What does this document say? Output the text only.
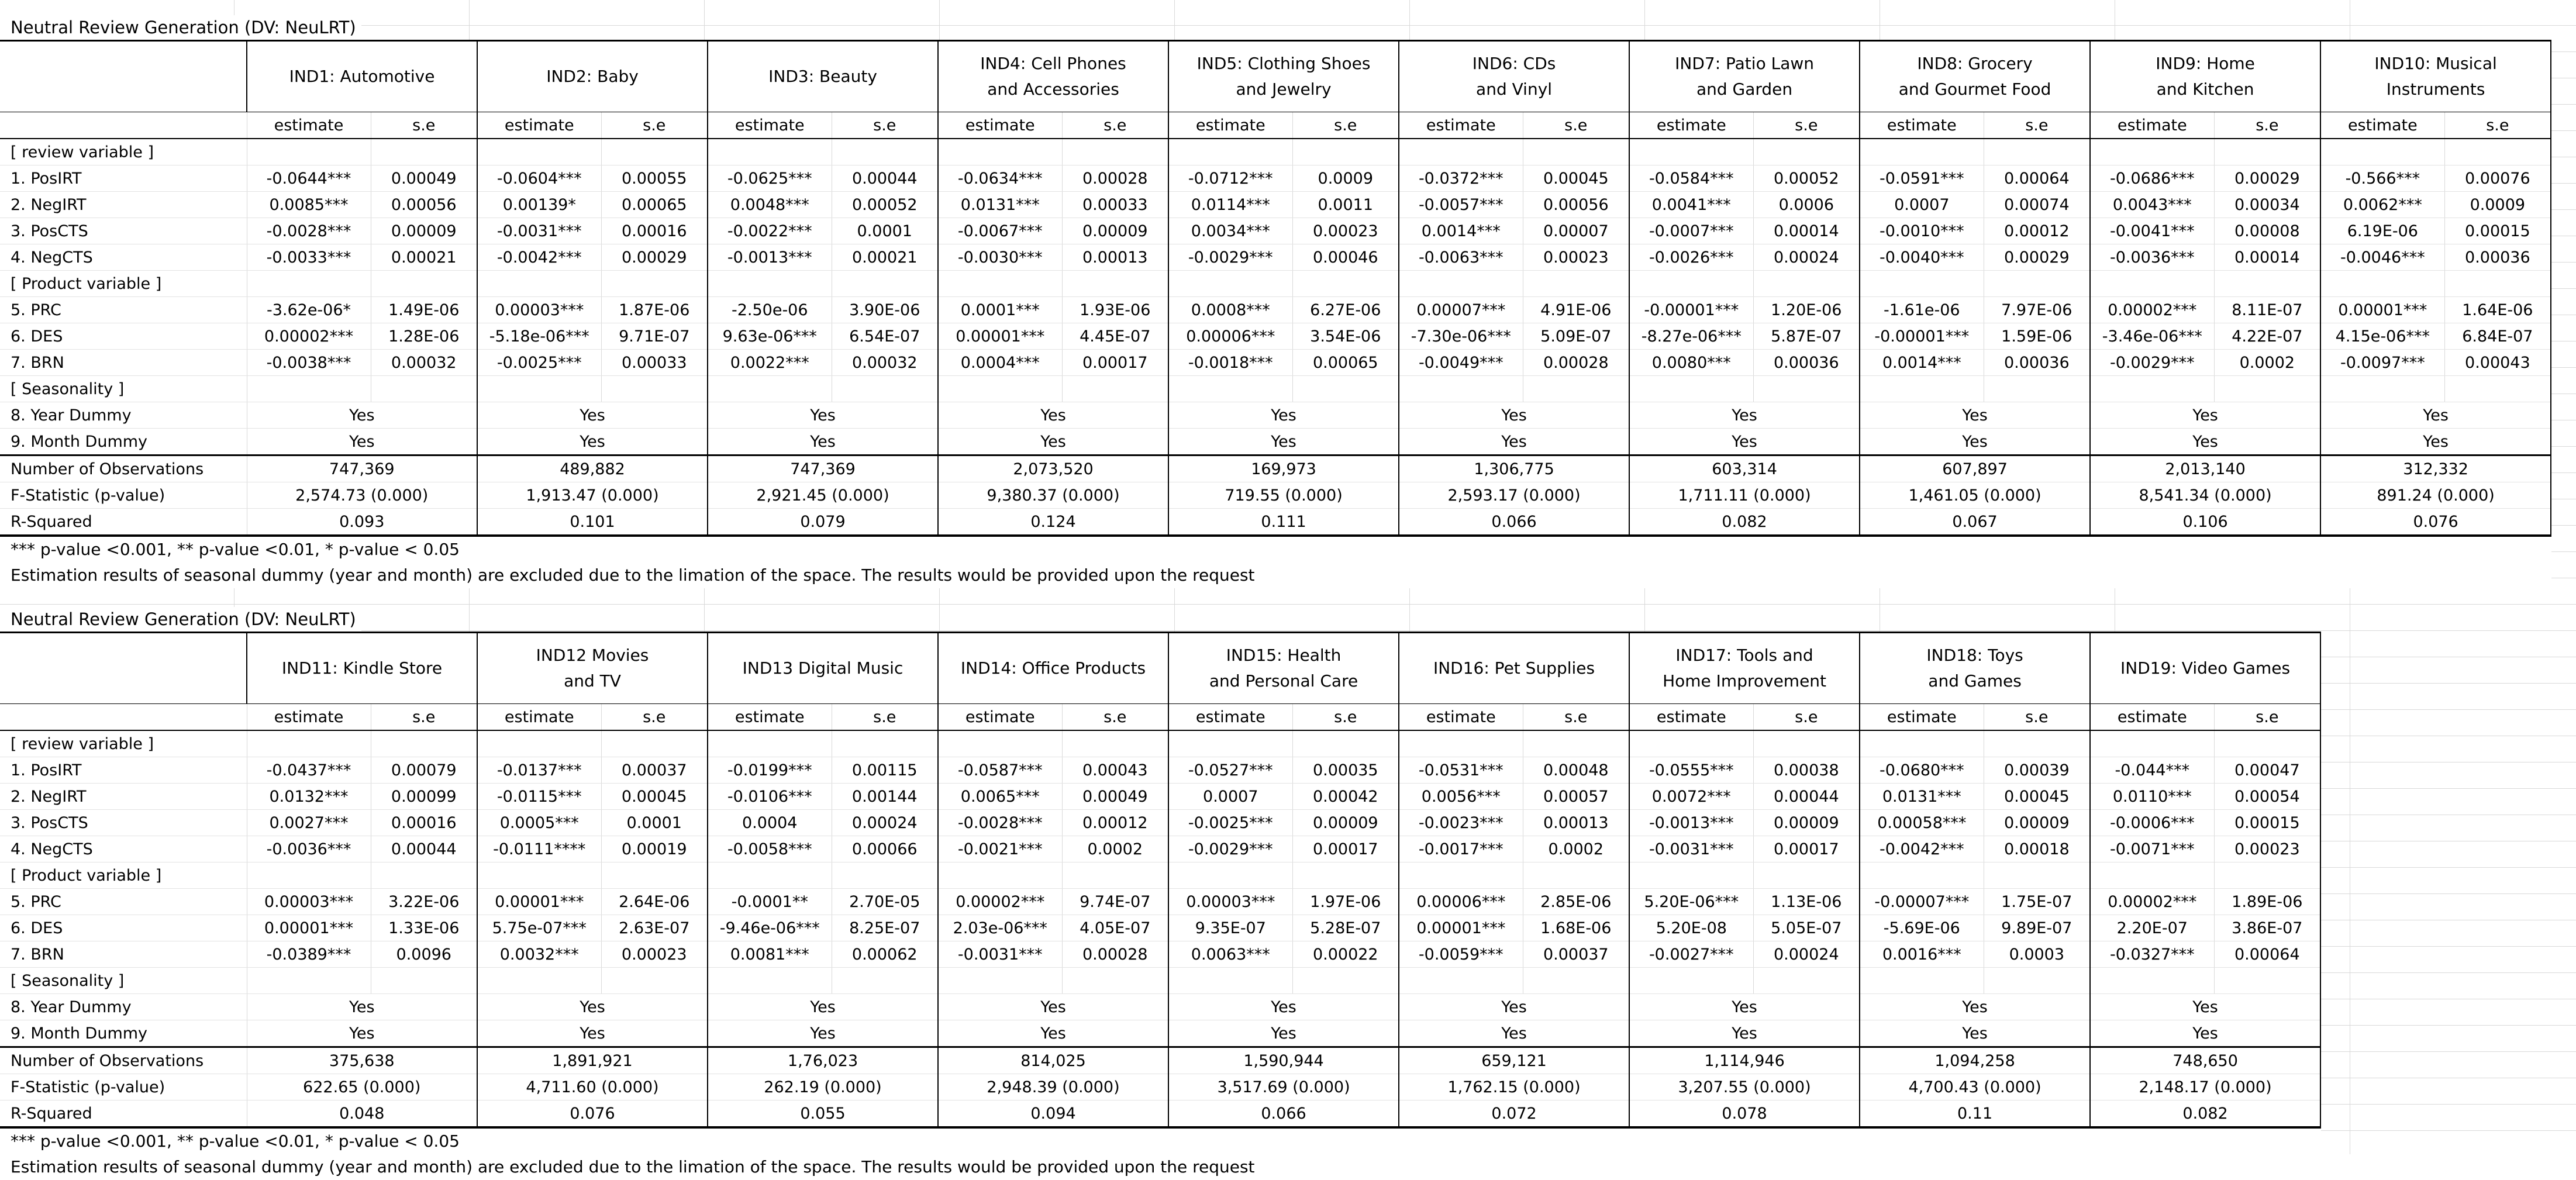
Neutral Review Generation (DV: NeuLRT)
	IND1: Automotive		IND2: Baby		IND3: Beauty		IND4: Cell Phones
and Accessories		IND5: Clothing Shoes
and Jewelry		IND6: CDs
and Vinyl		IND7: Patio Lawn
and Garden		IND8: Grocery
and Gourmet Food		IND9: Home
and Kitchen		IND10: Musical
Instruments	
	estimate	s.e	estimate	s.e	estimate	s.e	estimate	s.e	estimate	s.e	estimate	s.e	estimate	s.e	estimate	s.e	estimate	s.e	estimate	s.e
[ review variable ]																				
1. PosIRT	-0.0644***	0.00049	-0.0604***	0.00055	-0.0625***	0.00044	-0.0634***	0.00028	-0.0712***	0.0009	-0.0372***	0.00045	-0.0584***	0.00052	-0.0591***	0.00064	-0.0686***	0.00029	-0.566***	0.00076
2. NegIRT	0.0085***	0.00056	0.00139*	0.00065	0.0048***	0.00052	0.0131***	0.00033	0.0114***	0.0011	-0.0057***	0.00056	0.0041***	0.0006	0.0007	0.00074	0.0043***	0.00034	0.0062***	0.0009
3. PosCTS	-0.0028***	0.00009	-0.0031***	0.00016	-0.0022***	0.0001	-0.0067***	0.00009	0.0034***	0.00023	0.0014***	0.00007	-0.0007***	0.00014	-0.0010***	0.00012	-0.0041***	0.00008	6.19E-06	0.00015
4. NegCTS	-0.0033***	0.00021	-0.0042***	0.00029	-0.0013***	0.00021	-0.0030***	0.00013	-0.0029***	0.00046	-0.0063***	0.00023	-0.0026***	0.00024	-0.0040***	0.00029	-0.0036***	0.00014	-0.0046***	0.00036
[ Product variable ]																				
5. PRC	-3.62e-06*	1.49E-06	0.00003***	1.87E-06	-2.50e-06	3.90E-06	0.0001***	1.93E-06	0.0008***	6.27E-06	0.00007***	4.91E-06	-0.00001***	1.20E-06	-1.61e-06	7.97E-06	0.00002***	8.11E-07	0.00001***	1.64E-06
6. DES	0.00002***	1.28E-06	-5.18e-06***	9.71E-07	9.63e-06***	6.54E-07	0.00001***	4.45E-07	0.00006***	3.54E-06	-7.30e-06***	5.09E-07	-8.27e-06***	5.87E-07	-0.00001***	1.59E-06	-3.46e-06***	4.22E-07	4.15e-06***	6.84E-07
7. BRN	-0.0038***	0.00032	-0.0025***	0.00033	0.0022***	0.00032	0.0004***	0.00017	-0.0018***	0.00065	-0.0049***	0.00028	0.0080***	0.00036	0.0014***	0.00036	-0.0029***	0.0002	-0.0097***	0.00043
[ Seasonality ]																				
8. Year Dummy	Yes		Yes		Yes		Yes		Yes		Yes		Yes		Yes		Yes		Yes	
9. Month Dummy	Yes		Yes		Yes		Yes		Yes		Yes		Yes		Yes		Yes		Yes	
Number of Observations	747,369		489,882		747,369		2,073,520		169,973		1,306,775		603,314		607,897		2,013,140		312,332	
F-Statistic (p-value)	2,574.73 (0.000)		1,913.47 (0.000)		2,921.45 (0.000)		9,380.37 (0.000)		719.55 (0.000)		2,593.17 (0.000)		1,711.11 (0.000)		1,461.05 (0.000)		8,541.34 (0.000)		891.24 (0.000)	
R-Squared	0.093		0.101		0.079		0.124		0.111		0.066		0.082		0.067		0.106		0.076	
*** p-value <0.001, ** p-value <0.01, * p-value < 0.05
Estimation results of seasonal dummy (year and month) are excluded due to the limation of the space. The results would be provided upon the request
Neutral Review Generation (DV: NeuLRT)
	IND11: Kindle Store		IND12 Movies
and TV		IND13 Digital Music		IND14: Office Products		IND15: Health
and Personal Care		IND16: Pet Supplies		IND17: Tools and
Home Improvement		IND18: Toys
and Games		IND19: Video Games	
	estimate	s.e	estimate	s.e	estimate	s.e	estimate	s.e	estimate	s.e	estimate	s.e	estimate	s.e	estimate	s.e	estimate	s.e
[ review variable ]																		
1. PosIRT	-0.0437***	0.00079	-0.0137***	0.00037	-0.0199***	0.00115	-0.0587***	0.00043	-0.0527***	0.00035	-0.0531***	0.00048	-0.0555***	0.00038	-0.0680***	0.00039	-0.044***	0.00047
2. NegIRT	0.0132***	0.00099	-0.0115***	0.00045	-0.0106***	0.00144	0.0065***	0.00049	0.0007	0.00042	0.0056***	0.00057	0.0072***	0.00044	0.0131***	0.00045	0.0110***	0.00054
3. PosCTS	0.0027***	0.00016	0.0005***	0.0001	0.0004	0.00024	-0.0028***	0.00012	-0.0025***	0.00009	-0.0023***	0.00013	-0.0013***	0.00009	0.00058***	0.00009	-0.0006***	0.00015
4. NegCTS	-0.0036***	0.00044	-0.0111****	0.00019	-0.0058***	0.00066	-0.0021***	0.0002	-0.0029***	0.00017	-0.0017***	0.0002	-0.0031***	0.00017	-0.0042***	0.00018	-0.0071***	0.00023
[ Product variable ]																		
5. PRC	0.00003***	3.22E-06	0.00001***	2.64E-06	-0.0001**	2.70E-05	0.00002***	9.74E-07	0.00003***	1.97E-06	0.00006***	2.85E-06	5.20E-06***	1.13E-06	-0.00007***	1.75E-07	0.00002***	1.89E-06
6. DES	0.00001***	1.33E-06	5.75e-07***	2.63E-07	-9.46e-06***	8.25E-07	2.03e-06***	4.05E-07	9.35E-07	5.28E-07	0.00001***	1.68E-06	5.20E-08	5.05E-07	-5.69E-06	9.89E-07	2.20E-07	3.86E-07
7. BRN	-0.0389***	0.0096	0.0032***	0.00023	0.0081***	0.00062	-0.0031***	0.00028	0.0063***	0.00022	-0.0059***	0.00037	-0.0027***	0.00024	0.0016***	0.0003	-0.0327***	0.00064
[ Seasonality ]																		
8. Year Dummy	Yes		Yes		Yes		Yes		Yes		Yes		Yes		Yes		Yes	
9. Month Dummy	Yes		Yes		Yes		Yes		Yes		Yes		Yes		Yes		Yes	
Number of Observations	375,638		1,891,921		1,76,023		814,025		1,590,944		659,121		1,114,946		1,094,258		748,650	
F-Statistic (p-value)	622.65 (0.000)		4,711.60 (0.000)		262.19 (0.000)		2,948.39 (0.000)		3,517.69 (0.000)		1,762.15 (0.000)		3,207.55 (0.000)		4,700.43 (0.000)		2,148.17 (0.000)	
R-Squared	0.048		0.076		0.055		0.094		0.066		0.072		0.078		0.11		0.082	
*** p-value <0.001, ** p-value <0.01, * p-value < 0.05
Estimation results of seasonal dummy (year and month) are excluded due to the limation of the space. The results would be provided upon the request
